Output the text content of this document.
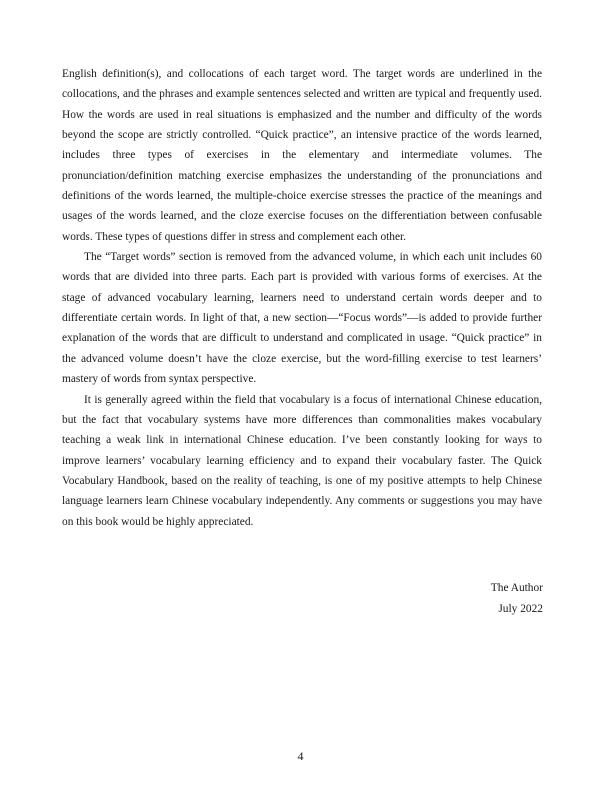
English definition(s), and collocations of each target word. The target words are underlined in the collocations, and the phrases and example sentences selected and written are typical and frequently used. How the words are used in real situations is emphasized and the number and difficulty of the words beyond the scope are strictly controlled. “Quick practice”, an intensive practice of the words learned, includes three types of exercises in the elementary and intermediate volumes. The pronunciation/definition matching exercise emphasizes the understanding of the pronunciations and definitions of the words learned, the multiple-choice exercise stresses the practice of the meanings and usages of the words learned, and the cloze exercise focuses on the differentiation between confusable words. These types of questions differ in stress and complement each other.

The “Target words” section is removed from the advanced volume, in which each unit includes 60 words that are divided into three parts. Each part is provided with various forms of exercises. At the stage of advanced vocabulary learning, learners need to understand certain words deeper and to differentiate certain words. In light of that, a new section—“Focus words”—is added to provide further explanation of the words that are difficult to understand and complicated in usage. “Quick practice” in the advanced volume doesn’t have the cloze exercise, but the word-filling exercise to test learners’ mastery of words from syntax perspective.

It is generally agreed within the field that vocabulary is a focus of international Chinese education, but the fact that vocabulary systems have more differences than commonalities makes vocabulary teaching a weak link in international Chinese education. I’ve been constantly looking for ways to improve learners’ vocabulary learning efficiency and to expand their vocabulary faster. The Quick Vocabulary Handbook, based on the reality of teaching, is one of my positive attempts to help Chinese language learners learn Chinese vocabulary independently. Any comments or suggestions you may have on this book would be highly appreciated.

The Author
July 2022
4
